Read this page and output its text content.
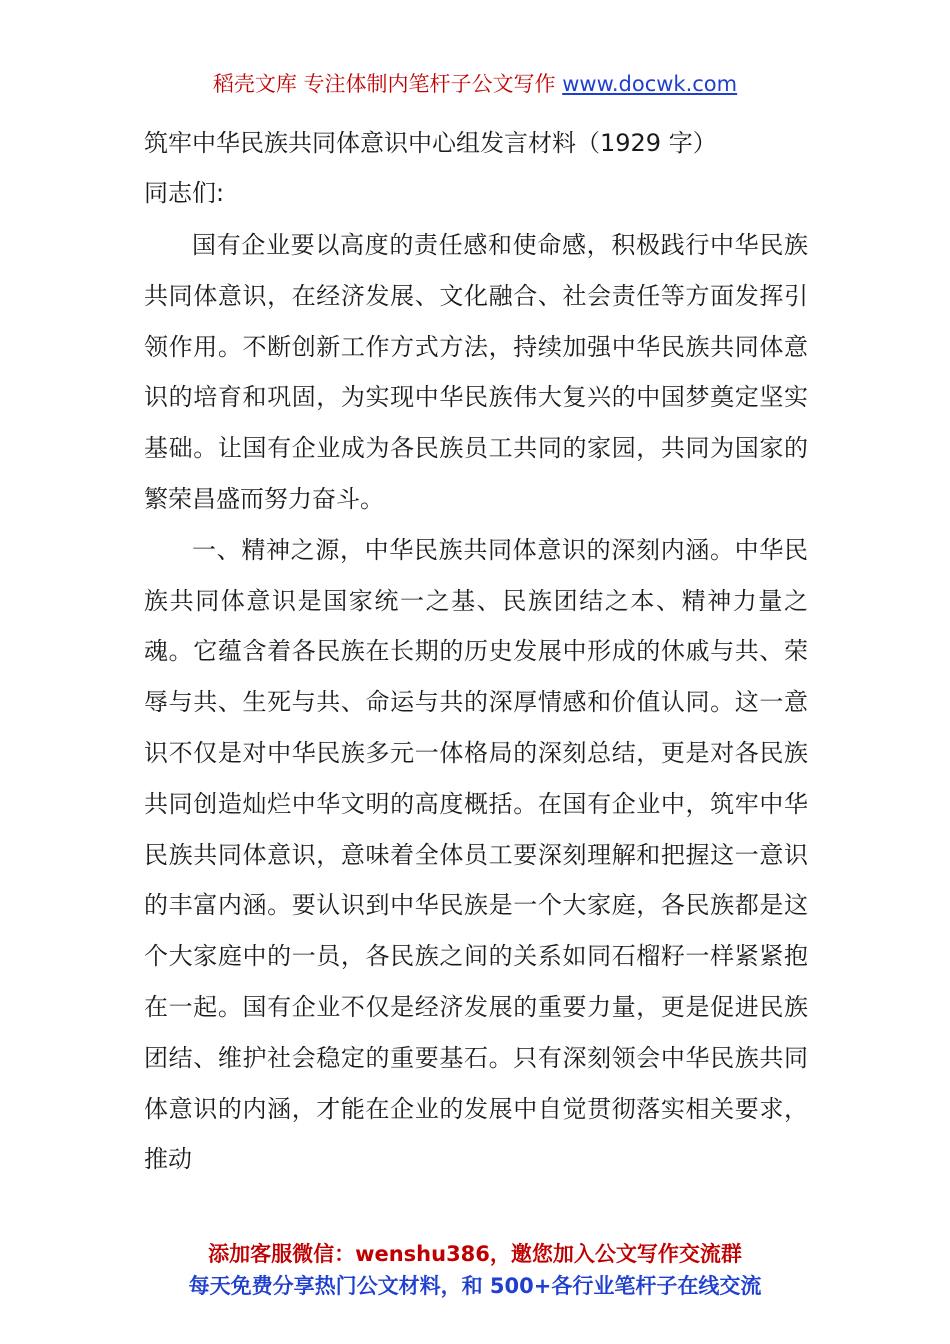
稻壳文库 专注体制内笔杆子公文写作 www.docwk.com

筑牢中华民族共同体意识中心组发言材料（1929 字）

同志们:

国有企业要以高度的责任感和使命感，积极践行中华民族共同体意识，在经济发展、文化融合、社会责任等方面发挥引领作用。不断创新工作方式方法，持续加强中华民族共同体意识的培育和巩固，为实现中华民族伟大复兴的中国梦奠定坚实基础。让国有企业成为各民族员工共同的家园，共同为国家的繁荣昌盛而努力奋斗。

一、精神之源，中华民族共同体意识的深刻内涵。中华民族共同体意识是国家统一之基、民族团结之本、精神力量之魂。它蕴含着各民族在长期的历史发展中形成的休戚与共、荣辱与共、生死与共、命运与共的深厚情感和价值认同。这一意识不仅是对中华民族多元一体格局的深刻总结，更是对各民族共同创造灿烂中华文明的高度概括。在国有企业中，筑牢中华民族共同体意识，意味着全体员工要深刻理解和把握这一意识的丰富内涵。要认识到中华民族是一个大家庭，各民族都是这个大家庭中的一员，各民族之间的关系如同石榴籽一样紧紧抱在一起。国有企业不仅是经济发展的重要力量，更是促进民族团结、维护社会稳定的重要基石。只有深刻领会中华民族共同体意识的内涵，才能在企业的发展中自觉贯彻落实相关要求，推动

添加客服微信：wenshu386，邀您加入公文写作交流群
每天免费分享热门公文材料，和 500+各行业笔杆子在线交流
